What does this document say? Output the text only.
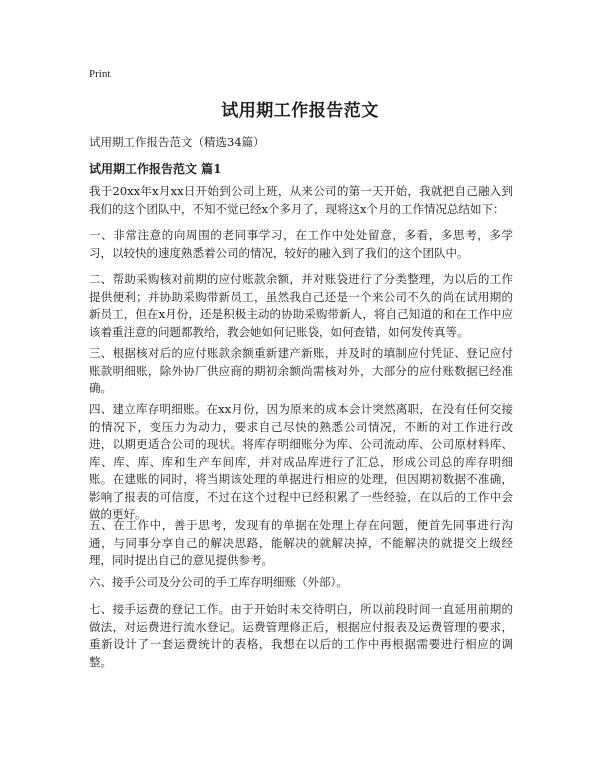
Print
试用期工作报告范文
试用期工作报告范文（精选34篇）
试用期工作报告范文 篇1

我于20xx年x月xx日开始到公司上班，从来公司的第一天开始，我就把自己融入到我们的这个团队中，不知不觉已经x个多月了，现将这x个月的工作情况总结如下：

一、非常注意的向周围的老同事学习，在工作中处处留意，多看，多思考，多学习，以较快的速度熟悉着公司的情况，较好的融入到了我们的这个团队中。

二、帮助采购核对前期的应付账款余额，并对账袋进行了分类整理，为以后的工作提供便利；并协助采购带新员工，虽然我自己还是一个来公司不久的尚在试用期的新员工，但在x月份，还是积极主动的协助采购带新人，将自己知道的和在工作中应该着重注意的问题都教给，教会她如何记账袋，如何查错，如何发传真等。

三、根据核对后的应付账款余额重新建产新账，并及时的填制应付凭证、登记应付账款明细账，除外协厂供应商的期初余额尚需核对外，大部分的应付账数据已经准确。

四、建立库存明细账。在xx月份，因为原来的成本会计突然离职，在没有任何交接的情况下，变压力为动力，要求自己尽快的熟悉公司情况，不断的对工作进行改进，以期更适合公司的现状。将库存明细账分为库、公司流动库、公司原材料库、库、库、库、库和生产车间库，并对成品库进行了汇总，形成公司总的库存明细账。在建账的同时，将当期该处理的单据进行相应的处理，但因期初数据不准确，影响了报表的可信度，不过在这个过程中已经积累了一些经验，在以后的工作中会做的更好。

五、在工作中，善于思考，发现有的单据在处理上存在问题，便首先同事进行沟通，与同事分享自己的解决思路，能解决的就解决掉，不能解决的就提交上级经理，同时提出自己的意见提供参考。

六、接手公司及分公司的手工库存明细账（外部）。

七、接手运费的登记工作。由于开始时未交待明白，所以前段时间一直延用前期的做法，对运费进行流水登记。运费管理修正后，根据应付报表及运费管理的要求，重新设计了一套运费统计的表格，我想在以后的工作中再根据需要进行相应的调整。
